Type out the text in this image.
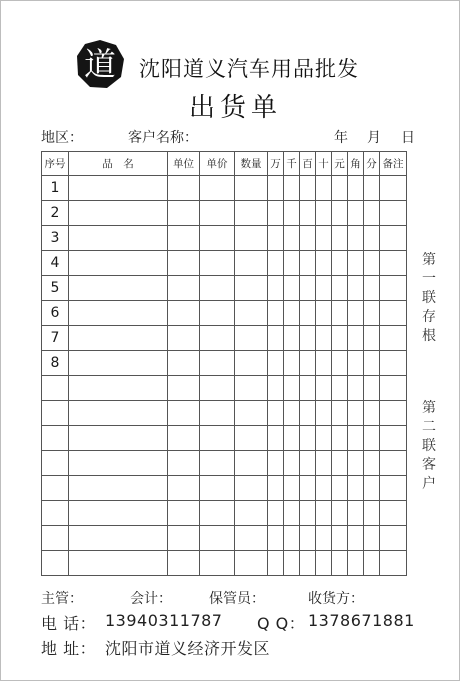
道 沈阳道义汽车用品批发
出货单
地区：	客户名称：	年 月 日
序号	品　名	单位	单价	数量	万	千	百	十	元	角	分	备注
1												
2												
3												
4												
5												
6												
7												
8												

第一联存根
第二联客户
主管：	会计：	保管员：	收货方：
电 话： 13940311787 Q Q： 1378671881
地 址： 沈阳市道义经济开发区
